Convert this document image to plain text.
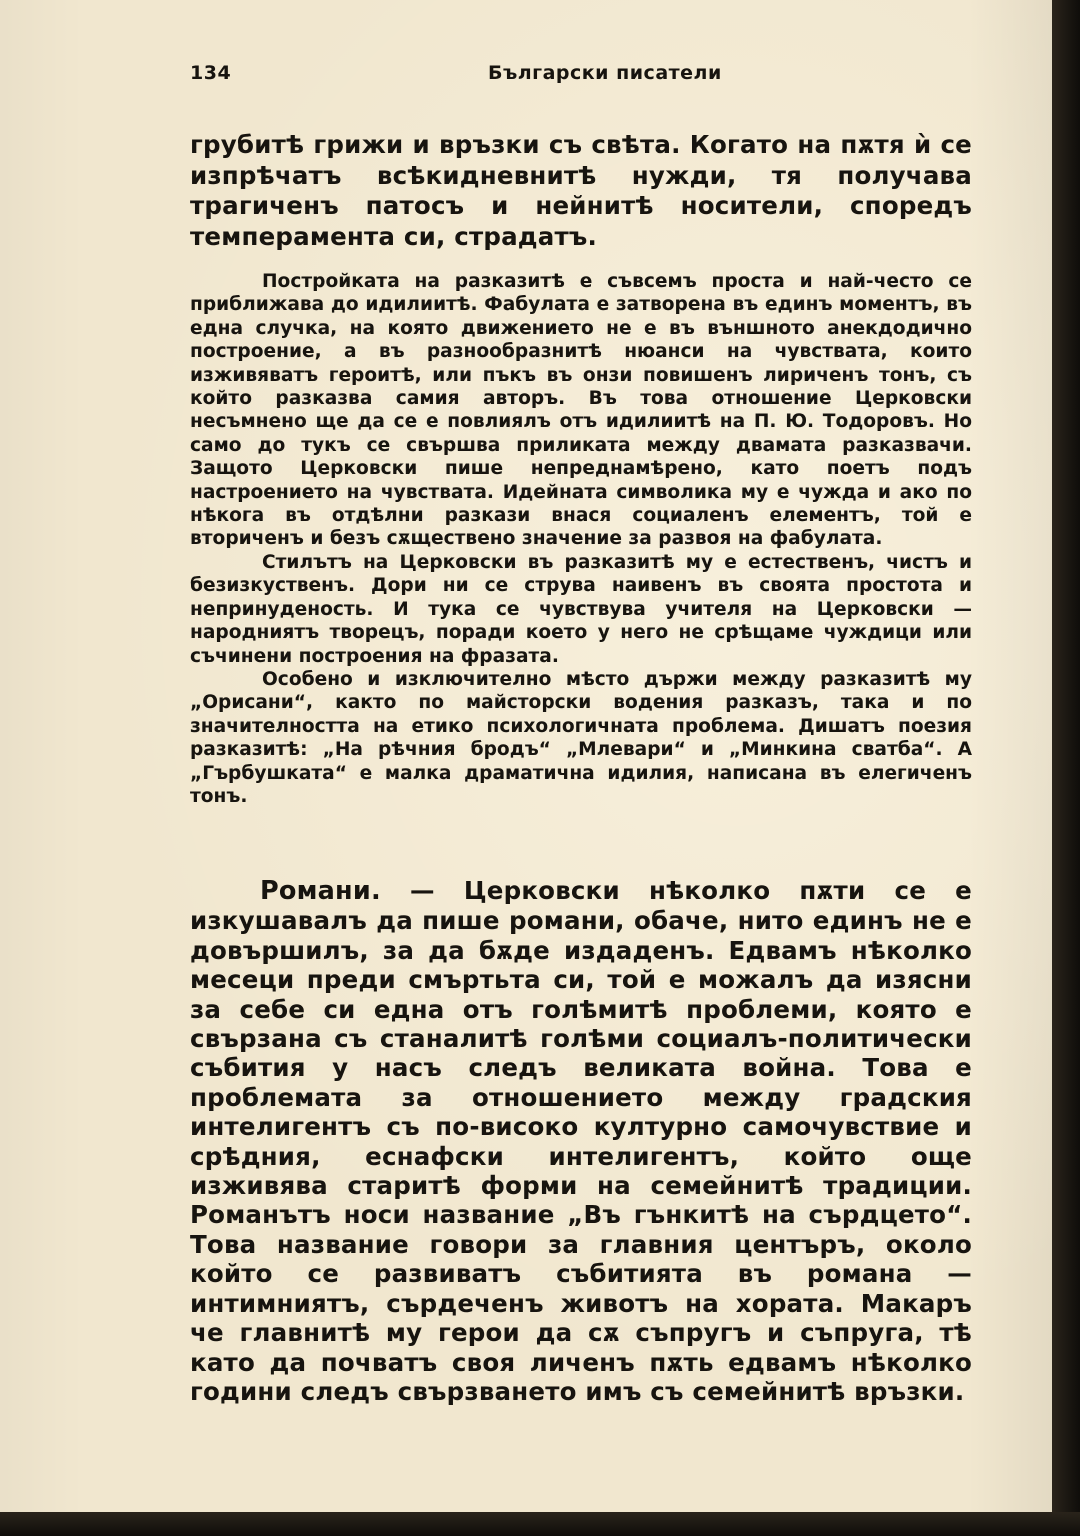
134	Български писатели

грубитѣ грижи и връзки съ свѣта. Когато на пѫтя ѝ се изпрѣчатъ всѣкидневнитѣ нужди, тя получава трагиченъ патосъ и нейнитѣ носители, споредъ темперамента си, страдатъ.

Постройката на разказитѣ е съвсемъ проста и най-често се приближава до идилиитѣ. Фабулата е затворена въ единъ моментъ, въ една случка, на която движението не е въ външното анекдодично построение, а въ разнообразнитѣ нюанси на чувствата, които изживяватъ героитѣ, или пъкъ въ онзи повишенъ лириченъ тонъ, съ който разказва самия авторъ. Въ това отношение Церковски несъмнено ще да се е повлиялъ отъ идилиитѣ на П. Ю. Тодоровъ. Но само до тукъ се свършва приликата между двамата разказвачи. Защото Церковски пише непреднамѣрено, като поетъ подъ настроението на чувствата. Идейната символика му е чужда и ако по нѣкога въ отдѣлни разкази внася социаленъ елементъ, той е вториченъ и безъ сѫществено значение за развоя на фабулата.

Стилътъ на Церковски въ разказитѣ му е естественъ, чистъ и безизкуственъ. Дори ни се струва наивенъ въ своята простота и непринуденость. И тука се чувствува учителя на Церковски — народниятъ творецъ, поради което у него не срѣщаме чуждици или съчинени построения на фразата.

Особено и изключително мѣсто държи между разказитѣ му „Орисани“, както по майсторски водения разказъ, така и по значителността на етико психологичната проблема. Дишатъ поезия разказитѣ: „На рѣчния бродъ“ „Млевари“ и „Минкина сватба“. А „Гърбушката“ е малка драматична идилия, написана въ елегиченъ тонъ.

Романи. — Церковски нѣколко пѫти се е изкушавалъ да пише романи, обаче, нито единъ не е довършилъ, за да бѫде издаденъ. Едвамъ нѣколко месеци преди смъртьта си, той е можалъ да изясни за себе си една отъ голѣмитѣ проблеми, която е свързана съ станалитѣ голѣми социалъ-политически събития у насъ следъ великата война. Това е проблемата за отношението между градския интелигентъ съ по-високо културно самочувствие и срѣдния, еснафски интелигентъ, който още изживява старитѣ форми на семейнитѣ традиции. Романътъ носи название „Въ гънкитѣ на сърдцето“. Това название говори за главния центъръ, около който се развиватъ събитията въ романа — интимниятъ, сърдеченъ животъ на хората. Макаръ че главнитѣ му герои да сѫ съпругъ и съпруга, тѣ като да почватъ своя личенъ пѫть едвамъ нѣколко години следъ свързването имъ съ семейнитѣ връзки.
